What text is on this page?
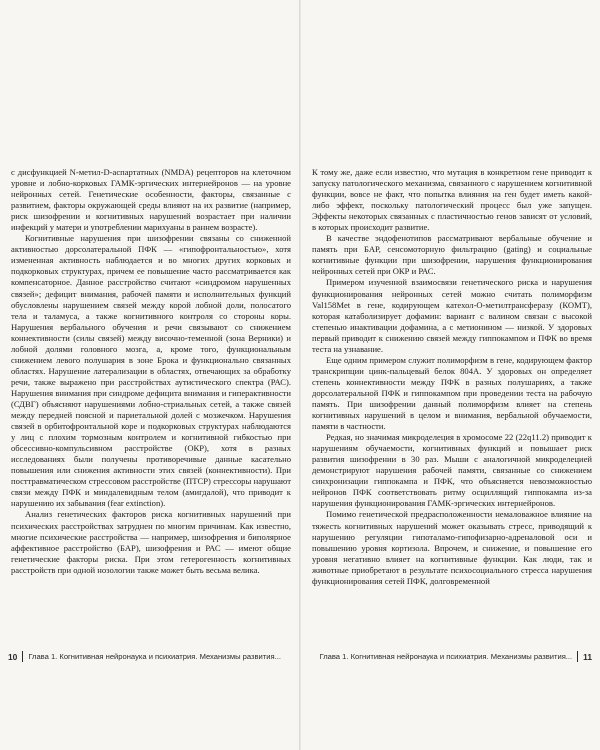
с дисфункцией N-метил-D-аспартатных (NMDA) рецепторов на клеточном уровне и лобно-корковых ГАМК-эргических интернейронов — на уровне нейронных сетей. Генетические особенности, факторы, связанные с развитием, факторы окружающей среды влияют на их развитие (например, риск шизофрении и когнитивных нарушений возрастает при наличии инфекций у матери и употреблении марихуаны в раннем возрасте).

Когнитивные нарушения при шизофрении связаны со сниженной активностью дорсолатеральной ПФК — «гипофронтальностью», хотя измененная активность наблюдается и во многих других корковых и подкорковых структурах, причем ее повышение часто рассматривается как компенсаторное. Данное расстройство считают «синдромом нарушенных связей»; дефицит внимания, рабочей памяти и исполнительных функций обусловлены нарушением связей между корой лобной доли, полосатого тела и таламуса, а также когнитивного контроля со стороны коры. Нарушения вербального обучения и речи связывают со снижением коннективности (силы связей) между височно-теменной (зона Верники) и лобной долями головного мозга, а, кроме того, функциональным снижением левого полушария в зоне Брока и функционально связанных областях. Нарушение латерализации в областях, отвечающих за обработку речи, также выражено при расстройствах аутистического спектра (РАС). Нарушения внимания при синдроме дефицита внимания и гиперактивности (СДВГ) объясняют нарушениями лобно-стриальных сетей, а также связей между передней поясной и париетальной долей с мозжечком. Нарушения связей в орбитофронтальной коре и подкорковых структурах наблюдаются у лиц с плохим тормозным контролем и когнитивной гибкостью при обсессивно-компульсивном расстройстве (ОКР), хотя в разных исследованиях были получены противоречивые данные касательно повышения или снижения активности этих связей (коннективности). При посттравматическом стрессовом расстройстве (ПТСР) стрессоры нарушают связи между ПФК и миндалевидным телом (амигдалой), что приводит к нарушению их забывания (fear extinction).

Анализ генетических факторов риска когнитивных нарушений при психических расстройствах затруднен по многим причинам. Как известно, многие психические расстройства — например, шизофрения и биполярное аффективное расстройство (БАР), шизофрения и РАС — имеют общие генетические факторы риска. При этом гетерогенность когнитивных расстройств при одной нозологии также может быть весьма велика.

10 Глава 1. Когнитивная нейронаука и психиатрия. Механизмы развития...

К тому же, даже если известно, что мутация в конкретном гене приводит к запуску патологического механизма, связанного с нарушением когнитивной функции, вовсе не факт, что попытка влияния на ген будет иметь какой-либо эффект, поскольку патологический процесс был уже запущен. Эффекты некоторых связанных с пластичностью генов зависят от условий, в которых происходит развитие.

В качестве эндофенотипов рассматривают вербальные обучение и память при БАР, сенсомоторную фильтрацию (gating) и социальные когнитивные функции при шизофрении, нарушения функционирования нейронных сетей при ОКР и РАС.

Примером изученной взаимосвязи генетического риска и нарушения функционирования нейронных сетей можно считать полиморфизм Val158Met в гене, кодирующем катехол-О-метилтрансферазу (КОМТ), которая катаболизирует дофамин: вариант с валином связан с высокой степенью инактивации дофамина, а с метионином — низкой. У здоровых первый приводит к снижению связей между гиппокампом и ПФК во время теста на узнавание.

Еще одним примером служит полиморфизм в гене, кодирующем фактор транскрипции цинк-пальцевый белок 804A. У здоровых он определяет степень коннективности между ПФК в разных полушариях, а также дорсолатеральной ПФК и гиппокампом при проведении теста на рабочую память. При шизофрении данный полиморфизм влияет на степень когнитивных нарушений в целом и внимания, вербальной обучаемости, памяти в частности.

Редкая, но значимая микроделеция в хромосоме 22 (22q11.2) приводит к нарушениям обучаемости, когнитивных функций и повышает риск развития шизофрении в 30 раз. Мыши с аналогичной микроделецией демонстрируют нарушения рабочей памяти, связанные со снижением синхронизации гиппокампа и ПФК, что объясняется невозможностью нейронов ПФК соответствовать ритму осциллящий гиппокампа из-за нарушения функционирования ГАМК-эргических интернейронов.

Помимо генетической предрасположенности немаловажное влияние на тяжесть когнитивных нарушений может оказывать стресс, приводящий к нарушению регуляции гипоталамо-гипофизарно-адреналовой оси и повышению уровня кортизола. Впрочем, и снижение, и повышение его уровня негативно влияет на когнитивные функции. Как люди, так и животные приобретают в результате психосоциального стресса нарушения функционирования сетей ПФК, долговременной

Глава 1. Когнитивная нейронаука и психиатрия. Механизмы развития... 11
